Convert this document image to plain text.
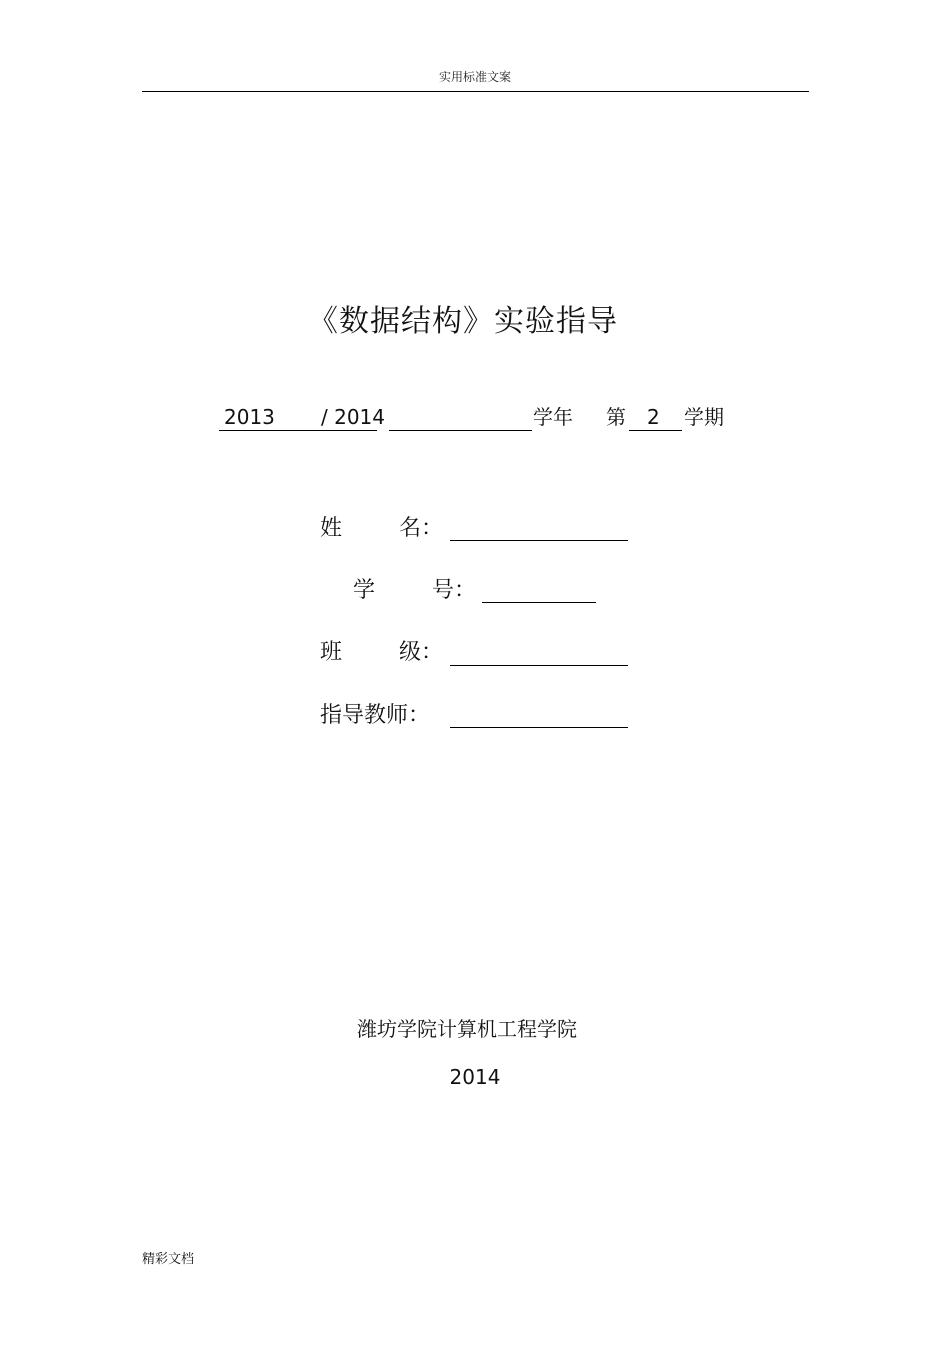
实用标准文案
《数据结构》实验指导
2013 / 2014	学年 第 2 学期
姓	名 ：
学	号 ：
班	级 ：
指导教师 ：
潍坊学院计算机工程学院
2014
精彩文档
